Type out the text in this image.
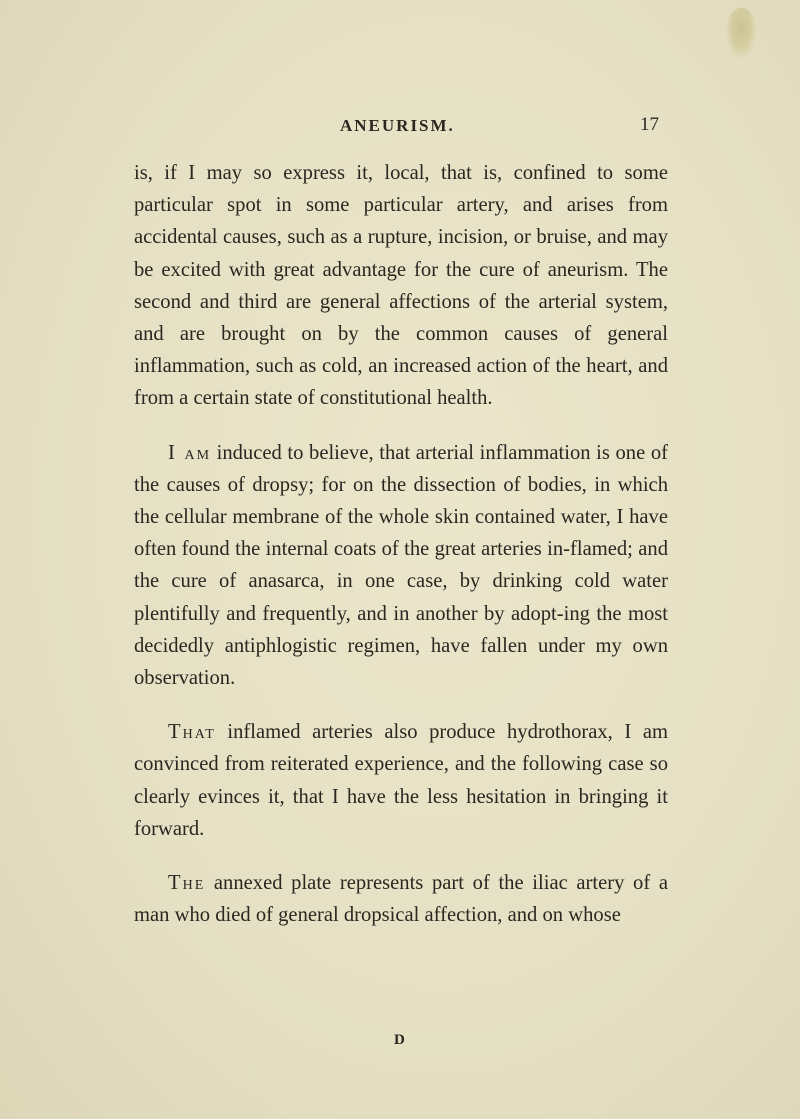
ANEURISM.	17

is, if I may so express it, local, that is, confined to some particular spot in some particular artery, and arises from accidental causes, such as a rupture, incision, or bruise, and may be excited with great advantage for the cure of aneurism. The second and third are general affections of the arterial system, and are brought on by the common causes of general inflammation, such as cold, an increased action of the heart, and from a certain state of constitutional health.

I am induced to believe, that arterial inflammation is one of the causes of dropsy; for on the dissection of bodies, in which the cellular membrane of the whole skin contained water, I have often found the internal coats of the great arteries in-flamed; and the cure of anasarca, in one case, by drinking cold water plentifully and frequently, and in another by adopt-ing the most decidedly antiphlogistic regimen, have fallen under my own observation.

That inflamed arteries also produce hydrothorax, I am convinced from reiterated experience, and the following case so clearly evinces it, that I have the less hesitation in bringing it forward.

The annexed plate represents part of the iliac artery of a man who died of general dropsical affection, and on whose

D
